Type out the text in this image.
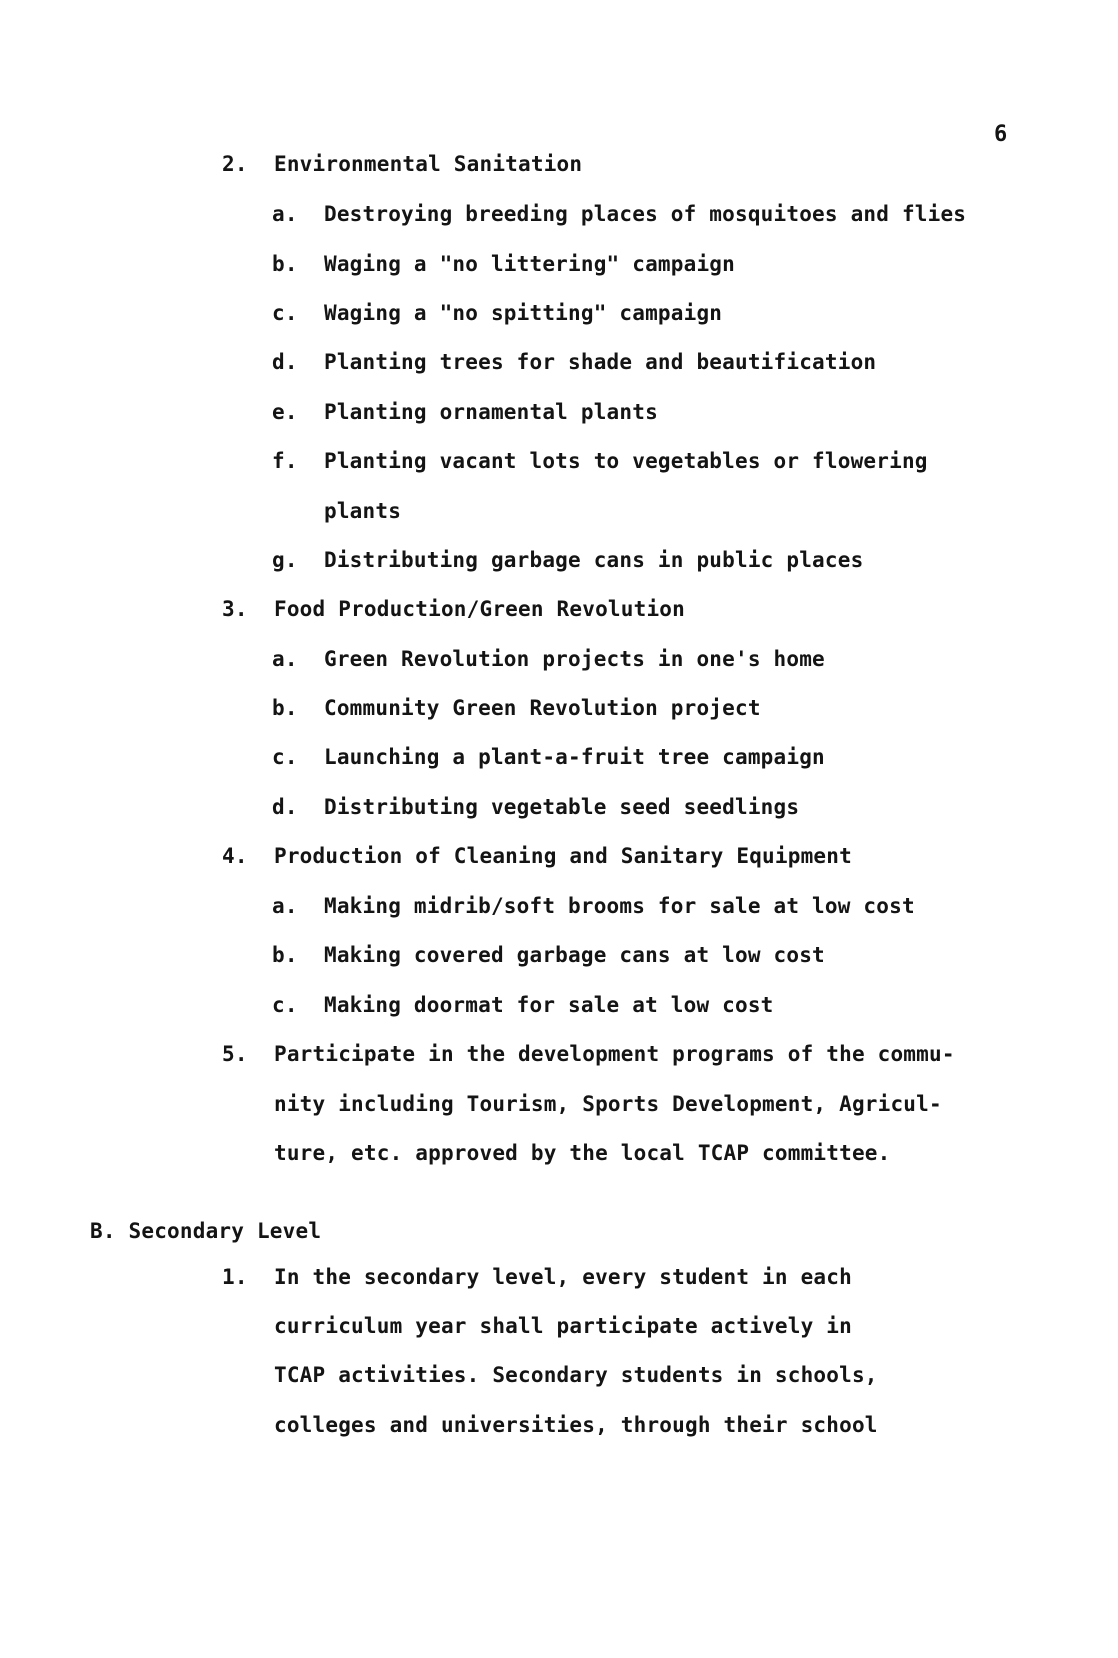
6
2. Environmental Sanitation
a. Destroying breeding places of mosquitoes and flies
b. Waging a "no littering" campaign
c. Waging a "no spitting" campaign
d. Planting trees for shade and beautification
e. Planting ornamental plants
f. Planting vacant lots to vegetables or flowering
plants
g. Distributing garbage cans in public places
3. Food Production/Green Revolution
a. Green Revolution projects in one's home
b. Community Green Revolution project
c. Launching a plant-a-fruit tree campaign
d. Distributing vegetable seed seedlings
4. Production of Cleaning and Sanitary Equipment
a. Making midrib/soft brooms for sale at low cost
b. Making covered garbage cans at low cost
c. Making doormat for sale at low cost
5. Participate in the development programs of the commu-
nity including Tourism, Sports Development, Agricul-
ture, etc. approved by the local TCAP committee.
B. Secondary Level
1. In the secondary level, every student in each
curriculum year shall participate actively in
TCAP activities. Secondary students in schools,
colleges and universities, through their school
